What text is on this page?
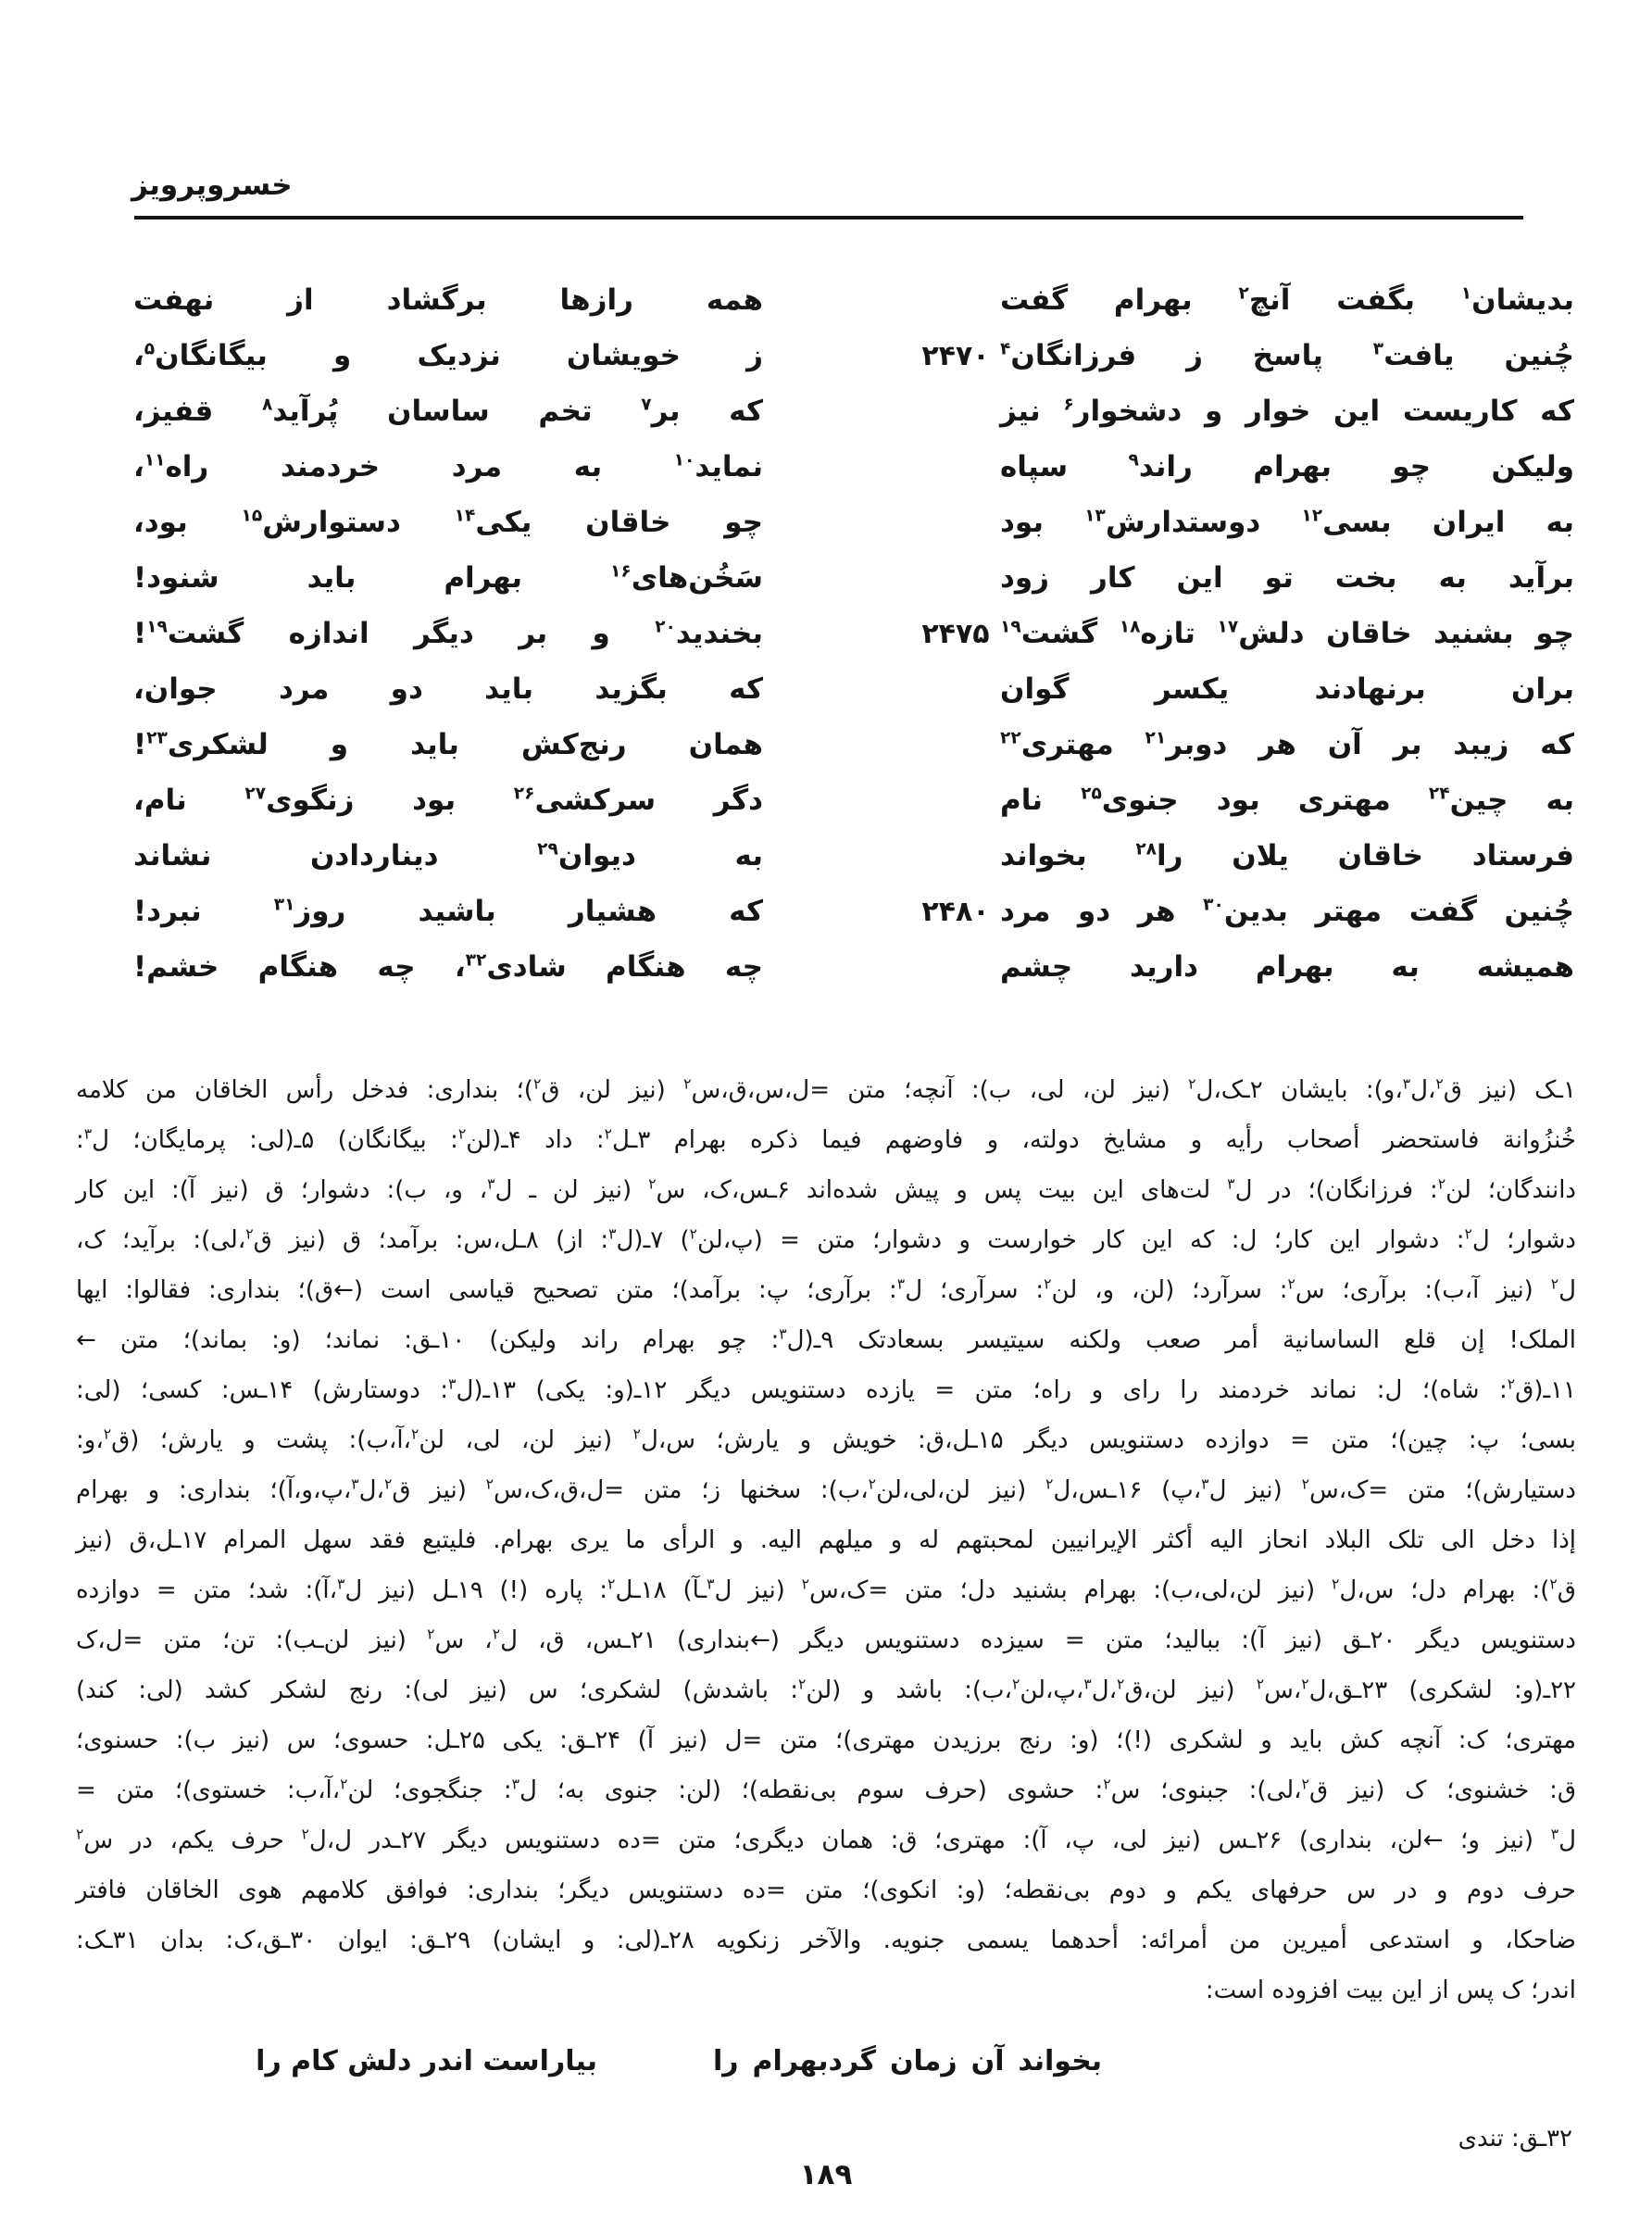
خسروپرویز
بدیشان$^۱$ بگفت آنچ$^۲$ بهرام گفت
همه رازها برگشاد از نهفت
چُنین یافت$^۳$ پاسخ ز فرزانگان$^۴$
۲۴۷۰
ز خویشان نزدیک و بیگانگان$^۵$،
که کاریست این خوار و دشخوار$^۶$ نیز
که بر$^۷$ تخم ساسان پُرآید$^۸$ قفیز،
ولیکن چو بهرام راند$^۹$ سپاه
نماید$^{۱۰}$ به مرد خردمند راه$^{۱۱}$،
به ایران بسی$^{۱۲}$ دوستدارش$^{۱۳}$ بود
چو خاقان یکی$^{۱۴}$ دستوارش$^{۱۵}$ بود،
برآید به بخت تو این کار زود
سَخُن‌های$^{۱۶}$ بهرام باید شنود!
چو بشنید خاقان دلش$^{۱۷}$ تازه$^{۱۸}$ گشت$^{۱۹}$
۲۴۷۵
بخندید$^{۲۰}$ و بر دیگر اندازه گشت$^{۱۹}$!
بران برنهادند یکسر گوان
که بگزید باید دو مرد جوان،
که زیبد بر آن هر دوبر$^{۲۱}$ مهتری$^{۲۲}$
همان رنج‌کش باید و لشکری$^{۲۳}$!
به چین$^{۲۴}$ مهتری بود جنوی$^{۲۵}$ نام
دگر سرکشی$^{۲۶}$ بود زنگوی$^{۲۷}$ نام،
فرستاد خاقان یلان را$^{۲۸}$ بخواند
به دیوان$^{۲۹}$ دیناردادن نشاند
چُنین گفت مهتر بدین$^{۳۰}$ هر دو مرد
۲۴۸۰
که هشیار باشید روز$^{۳۱}$ نبرد!
همیشه به بهرام دارید چشم
چه هنگام شادی$^{۳۲}$، چه هنگام خشم!
۱ـک (نیز ق$^۲$،ل$^۳$،و): بایشان ۲ـک،ل$^۲$ (نیز لن، لی، ب): آنچه؛ متن =ل،س،ق،س$^۲$ (نیز لن، ق$^۲$)؛ بنداری: فدخل رأس الخاقان من کلامه
خُنزُوانة فاستحضر أصحاب رأیه و مشایخ دولته، و فاوضهم فیما ذکره بهرام ۳ـل$^۲$: داد ۴ـ(لن$^۲$: بیگانگان) ۵ـ(لی: پرمایگان؛ ل$^۳$:
دانندگان؛ لن$^۲$: فرزانگان)؛ در ل$^۳$ لت‌های این بیت پس و پیش شده‌اند ۶ـس،ک، س$^۲$ (نیز لن ـ ل$^۳$، و، ب): دشوار؛ ق (نیز آ): این کار
دشوار؛ ل$^۲$: دشوار این کار؛ ل: که این کار خوارست و دشوار؛ متن = (پ،لن$^۲$) ۷ـ(ل$^۳$: از) ۸ـل،س: برآمد؛ ق (نیز ق$^۲$،لی): برآید؛ ک،
ل$^۲$ (نیز آ،ب): برآری؛ س$^۲$: سرآرد؛ (لن، و، لن$^۲$: سرآری؛ ل$^۳$: برآری؛ پ: برآمد)؛ متن تصحیح قیاسی است (←ق)؛ بنداری: فقالوا: ایها
الملک! إن قلع الساسانیة أمر صعب ولکنه سیتیسر بسعادتک ۹ـ(ل$^۳$: چو بهرام راند ولیکن) ۱۰ـق: نماند؛ (و: بماند)؛ متن ←
۱۱ـ(ق$^۲$: شاه)؛ ل: نماند خردمند را رای و راه؛ متن = یازده دستنویس دیگر ۱۲ـ(و: یکی) ۱۳ـ(ل$^۳$: دوستارش) ۱۴ـس: کسی؛ (لی:
بسی؛ پ: چین)؛ متن = دوازده دستنویس دیگر ۱۵ـل،ق: خویش و یارش؛ س،ل$^۲$ (نیز لن، لی، لن$^۲$،آ،ب): پشت و یارش؛ (ق$^۲$،و:
دستیارش)؛ متن =ک،س$^۲$ (نیز ل$^۳$،پ) ۱۶ـس،ل$^۲$ (نیز لن،لی،لن$^۲$،ب): سخنها ز؛ متن =ل،ق،ک،س$^۲$ (نیز ق$^۲$،ل$^۳$،پ،و،آ)؛ بنداری: و بهرام
إذا دخل الی تلک البلاد انحاز الیه أکثر الإیرانیین لمحبتهم له و میلهم الیه. و الرأی ما یری بهرام. فلیتبع فقد سهل المرام ۱۷ـل،ق (نیز
ق$^۲$): بهرام دل؛ س،ل$^۲$ (نیز لن،لی،ب): بهرام بشنید دل؛ متن =ک،س$^۲$ (نیز ل$^۳$ـآ) ۱۸ـل$^۲$: پاره (!) ۱۹ـل (نیز ل$^۳$،آ): شد؛ متن = دوازده
دستنویس دیگر ۲۰ـق (نیز آ): ببالید؛ متن = سیزده دستنویس دیگر (←بنداری) ۲۱ـس، ق، ل$^۲$، س$^۲$ (نیز لن‌ـب): تن؛ متن =ل،ک
۲۲ـ(و: لشکری) ۲۳ـق،ل$^۲$،س$^۲$ (نیز لن،ق$^۲$،ل$^۳$،پ،لن$^۲$،ب): باشد و (لن$^۲$: باشدش) لشکری؛ س (نیز لی): رنج لشکر کشد (لی: کند)
مهتری؛ ک: آنچه کش باید و لشکری (!)؛ (و: رنج برزیدن مهتری)؛ متن =ل (نیز آ) ۲۴ـق: یکی ۲۵ـل: حسوی؛ س (نیز ب): حسنوی؛
ق: خشنوی؛ ک (نیز ق$^۲$،لی): جبنوی؛ س$^۲$: حشوی (حرف سوم بی‌نقطه)؛ (لن: جنوی به؛ ل$^۳$: جنگجوی؛ لن$^۲$،آ،ب: خستوی)؛ متن =
ل$^۳$ (نیز و؛ ←لن، بنداری) ۲۶ـس (نیز لی، پ، آ): مهتری؛ ق: همان دیگری؛ متن =ده دستنویس دیگر ۲۷ـدر ل،ل$^۲$ حرف یکم، در س$^۲$
حرف دوم و در س حرفهای یکم و دوم بی‌نقطه؛ (و: انکوی)؛ متن =ده دستنویس دیگر؛ بنداری: فوافق کلامهم هوی الخاقان فافتر
ضاحکا، و استدعی أمیرین من أمرائه: أحدهما یسمی جنویه. والآخر زنکویه ۲۸ـ(لی: و ایشان) ۲۹ـق: ایوان ۳۰ـق،ک: بدان ۳۱ـک:
اندر؛ ک پس از این بیت افزوده است:
بخواند آن زمان گردبهرام را
بیاراست اندر دلش کام را
۳۲ـق: تندی
۱۸۹
